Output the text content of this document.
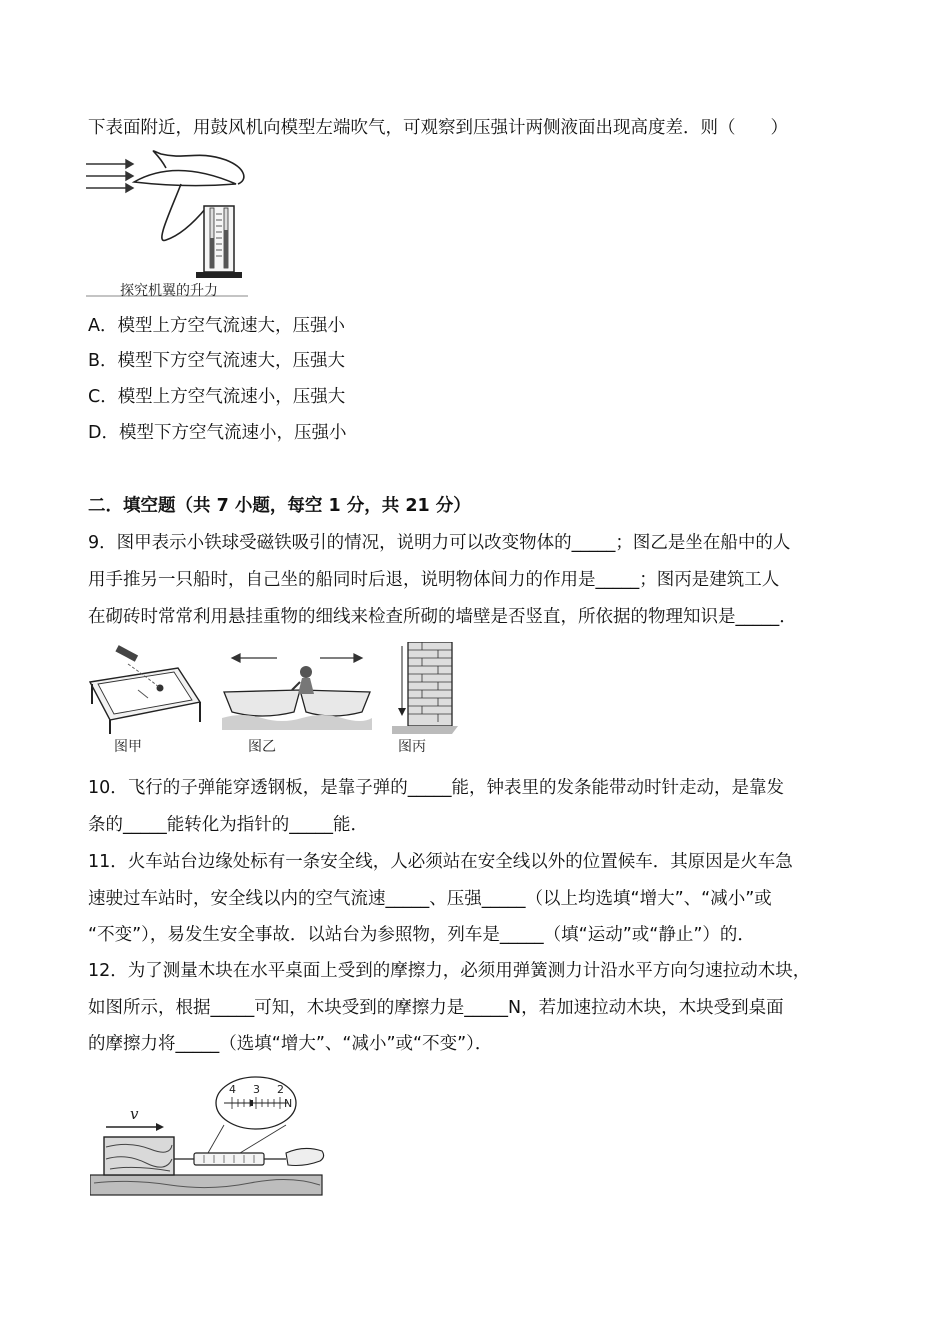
下表面附近，用鼓风机向模型左端吹气，可观察到压强计两侧液面出现高度差．则（　　）
探究机翼的升力
A．模型上方空气流速大，压强小
B．模型下方空气流速大，压强大
C．模型上方空气流速小，压强大
D．模型下方空气流速小，压强小
二．填空题（共 7 小题，每空 1 分，共 21 分）
9．图甲表示小铁球受磁铁吸引的情况，说明力可以改变物体的_____；图乙是坐在船中的人
用手推另一只船时，自己坐的船同时后退，说明物体间力的作用是_____；图丙是建筑工人
在砌砖时常常利用悬挂重物的细线来检查所砌的墙壁是否竖直，所依据的物理知识是_____．
图甲	图乙	图丙
10．飞行的子弹能穿透钢板，是靠子弹的_____能，钟表里的发条能带动时针走动，是靠发
条的_____能转化为指针的_____能．
11．火车站台边缘处标有一条安全线，人必须站在安全线以外的位置候车．其原因是火车急
速驶过车站时，安全线以内的空气流速_____、压强_____（以上均选填“增大”、“减小”或
“不变”），易发生安全事故．以站台为参照物，列车是_____（填“运动”或“静止”）的．
12．为了测量木块在水平桌面上受到的摩擦力，必须用弹簧测力计沿水平方向匀速拉动木块，
如图所示，根据_____可知，木块受到的摩擦力是_____N，若加速拉动木块，木块受到桌面
的摩擦力将_____（选填“增大”、“减小”或“不变”）．
v
2
3
4
N
